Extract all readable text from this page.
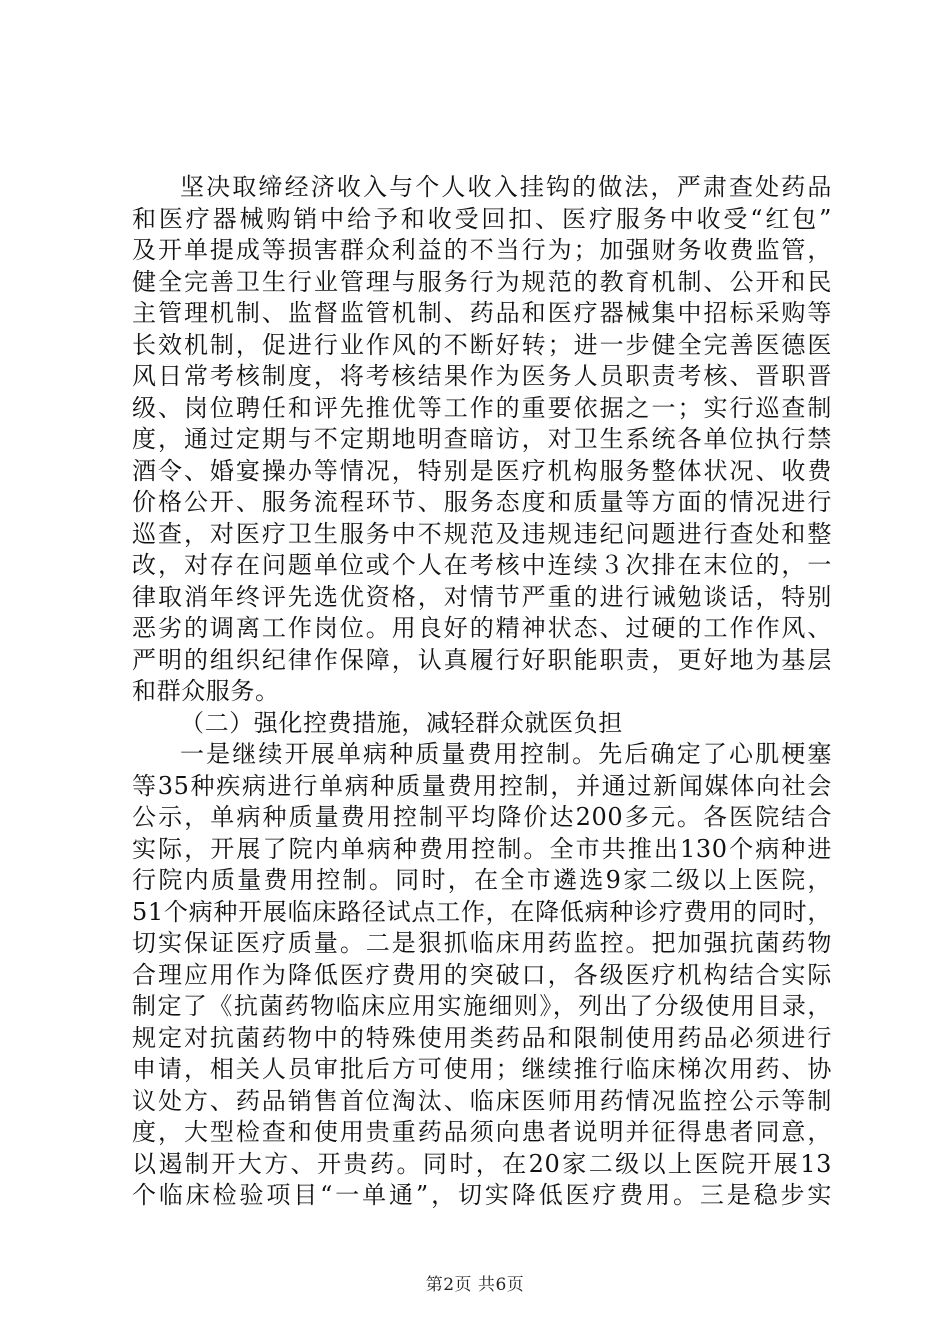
坚决取缔经济收入与个人收入挂钩的做法，严肃查处药品
和医疗器械购销中给予和收受回扣、医疗服务中收受“红包”
及开单提成等损害群众利益的不当行为；加强财务收费监管，
健全完善卫生行业管理与服务行为规范的教育机制、公开和民
主管理机制、监督监管机制、药品和医疗器械集中招标采购等
长效机制，促进行业作风的不断好转；进一步健全完善医德医
风日常考核制度，将考核结果作为医务人员职责考核、晋职晋
级、岗位聘任和评先推优等工作的重要依据之一；实行巡查制
度，通过定期与不定期地明查暗访，对卫生系统各单位执行禁
酒令、婚宴操办等情况，特别是医疗机构服务整体状况、收费
价格公开、服务流程环节、服务态度和质量等方面的情况进行
巡查，对医疗卫生服务中不规范及违规违纪问题进行查处和整
改，对存在问题单位或个人在考核中连续３次排在末位的，一
律取消年终评先选优资格，对情节严重的进行诫勉谈话，特别
恶劣的调离工作岗位。用良好的精神状态、过硬的工作作风、
严明的组织纪律作保障，认真履行好职能职责，更好地为基层
和群众服务。
（二）强化控费措施，减轻群众就医负担
一是继续开展单病种质量费用控制。先后确定了心肌梗塞
等35种疾病进行单病种质量费用控制，并通过新闻媒体向社会
公示，单病种质量费用控制平均降价达200多元。各医院结合
实际，开展了院内单病种费用控制。全市共推出130个病种进
行院内质量费用控制。同时，在全市遴选9家二级以上医院，
51个病种开展临床路径试点工作，在降低病种诊疗费用的同时，
切实保证医疗质量。二是狠抓临床用药监控。把加强抗菌药物
合理应用作为降低医疗费用的突破口，各级医疗机构结合实际
制定了《抗菌药物临床应用实施细则》，列出了分级使用目录，
规定对抗菌药物中的特殊使用类药品和限制使用药品必须进行
申请，相关人员审批后方可使用；继续推行临床梯次用药、协
议处方、药品销售首位淘汰、临床医师用药情况监控公示等制
度，大型检查和使用贵重药品须向患者说明并征得患者同意，
以遏制开大方、开贵药。同时，在20家二级以上医院开展13
个临床检验项目“一单通”，切实降低医疗费用。三是稳步实
第2页 共6页
